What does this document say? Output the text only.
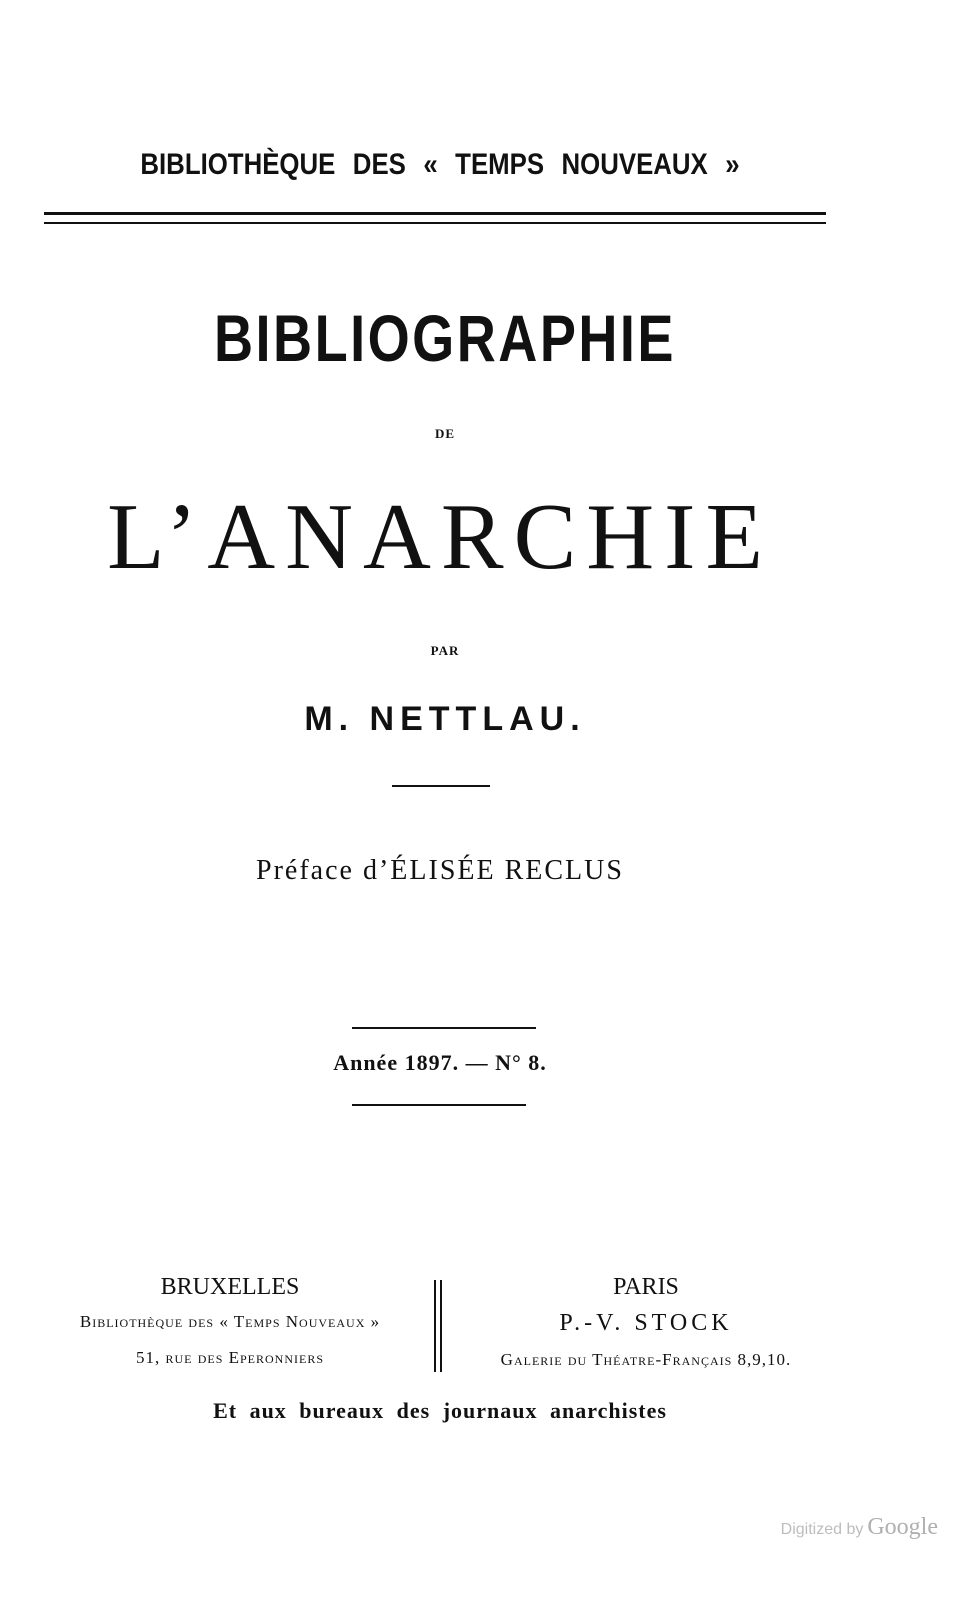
BIBLIOTHÈQUE DES « TEMPS NOUVEAUX »
BIBLIOGRAPHIE
DE
L’ANARCHIE
PAR
M. NETTLAU.
Préface d’ÉLISÉE RECLUS
Année 1897. — N° 8.
BRUXELLES
Bibliothèque des « Temps Nouveaux »
51, rue des Eperonniers
PARIS
P.-V. STOCK
Galerie du Théatre-Français 8,9,10.
Et aux bureaux des journaux anarchistes
Digitized by Google
